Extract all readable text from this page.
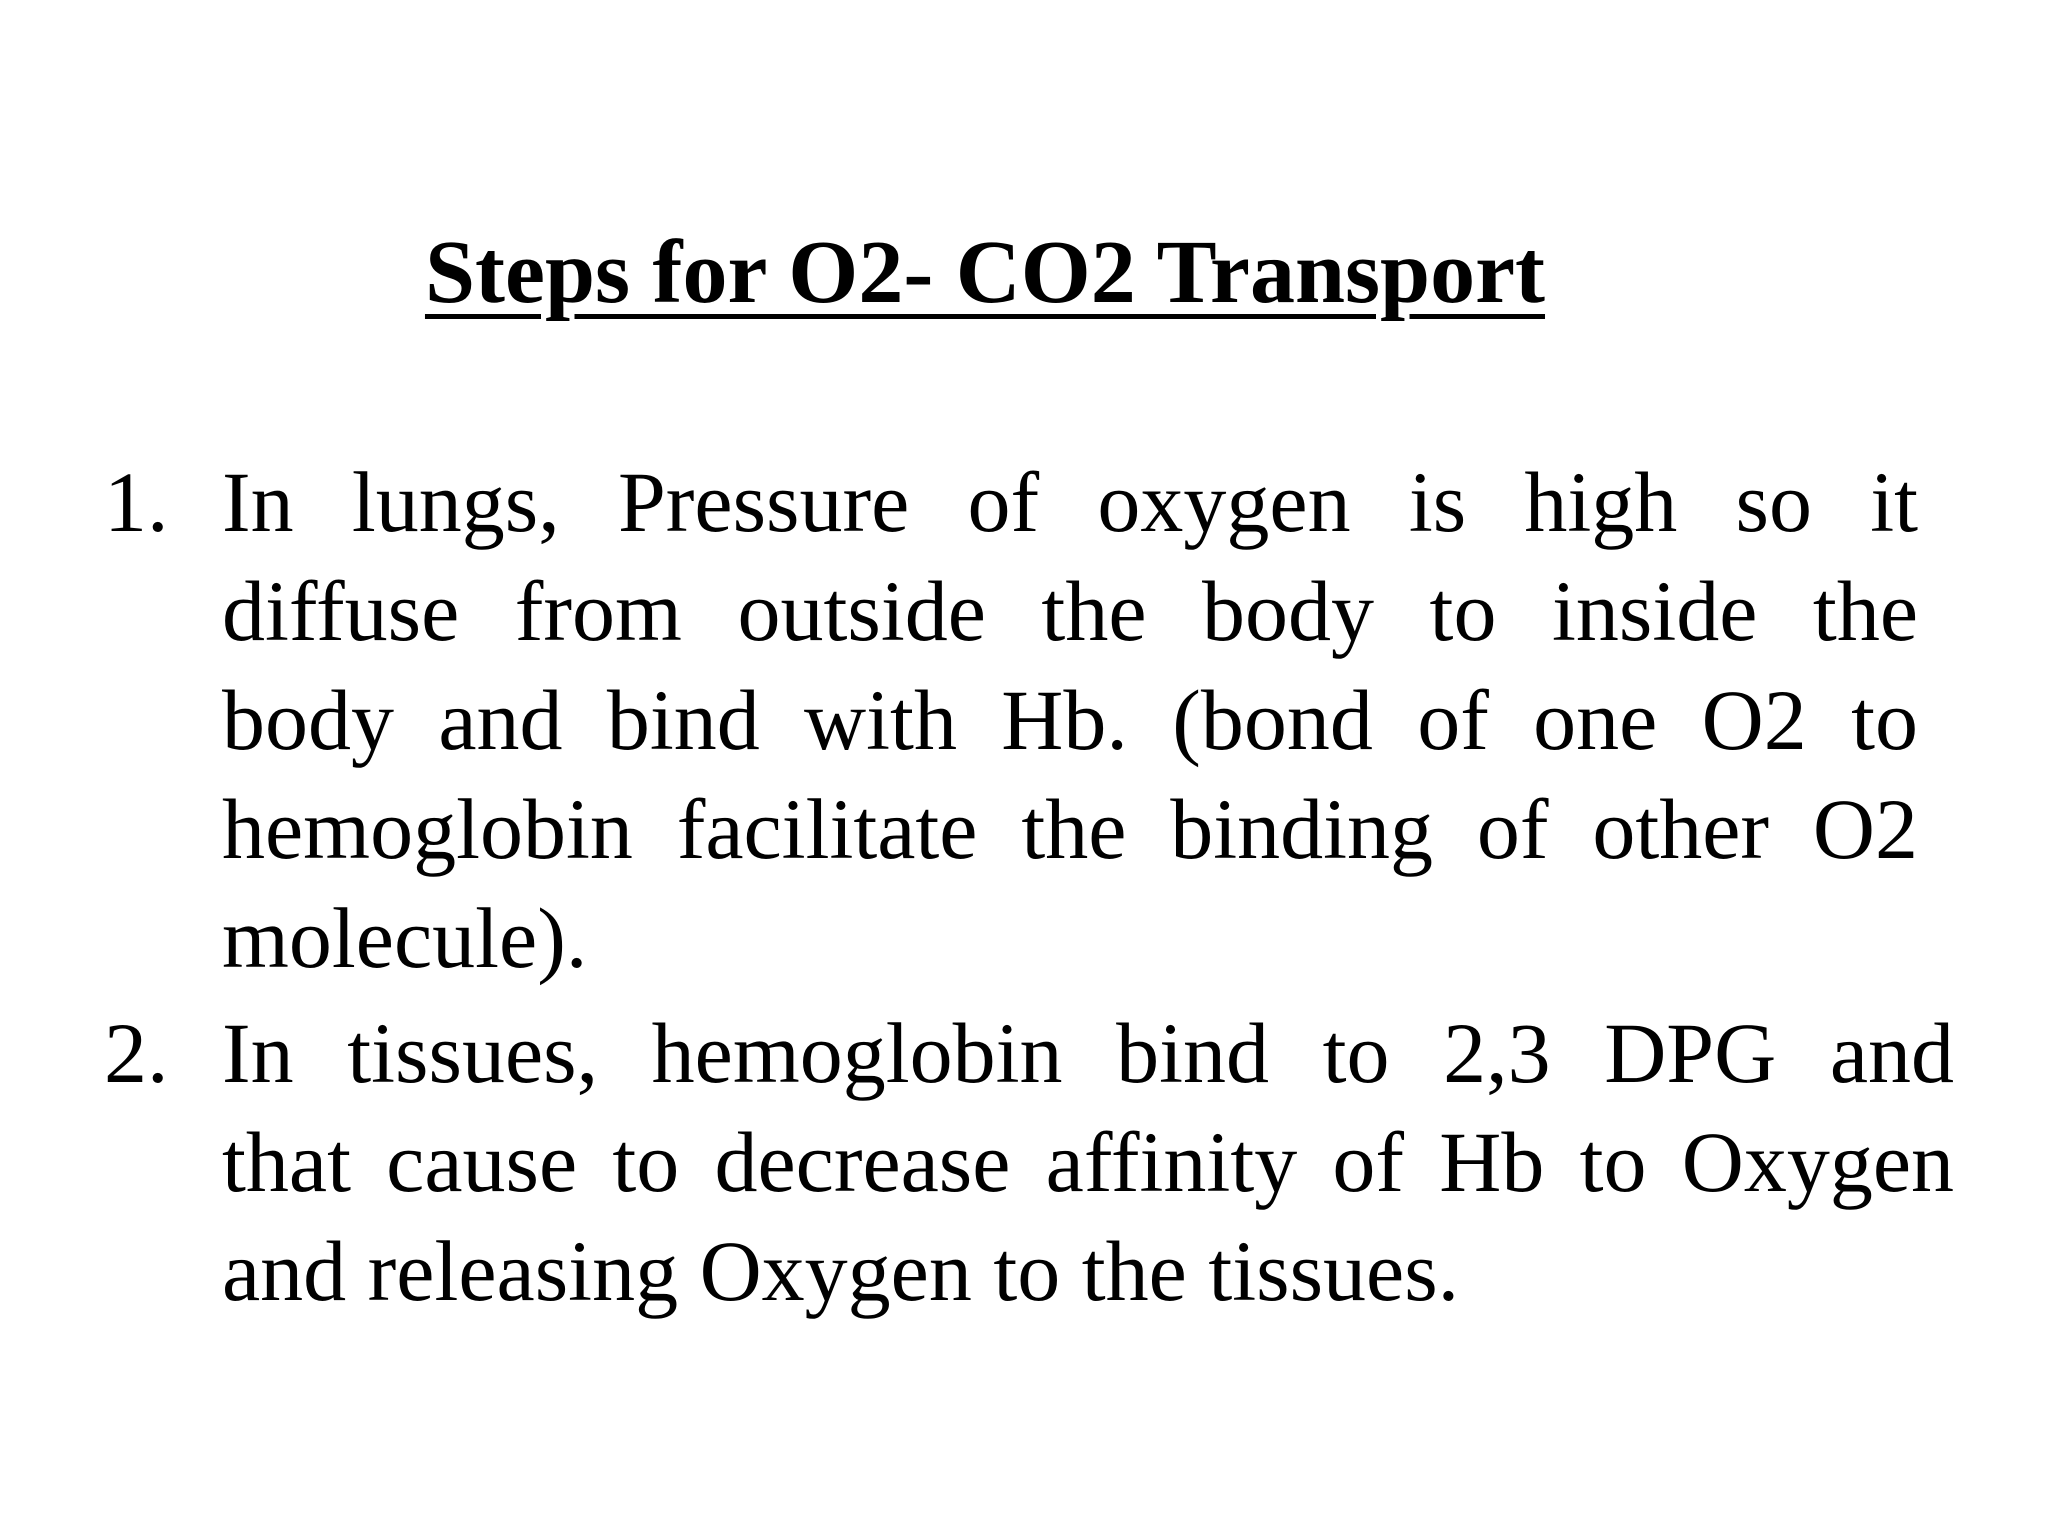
Steps for O2- CO2 Transport
1. In lungs, Pressure of oxygen is high so it
diffuse from outside the body to inside the
body and bind with Hb. (bond of one O2 to
hemoglobin facilitate the binding of other O2
molecule).
2. In tissues, hemoglobin bind to 2,3 DPG and
that cause to decrease affinity of Hb to Oxygen
and releasing Oxygen to the tissues.
